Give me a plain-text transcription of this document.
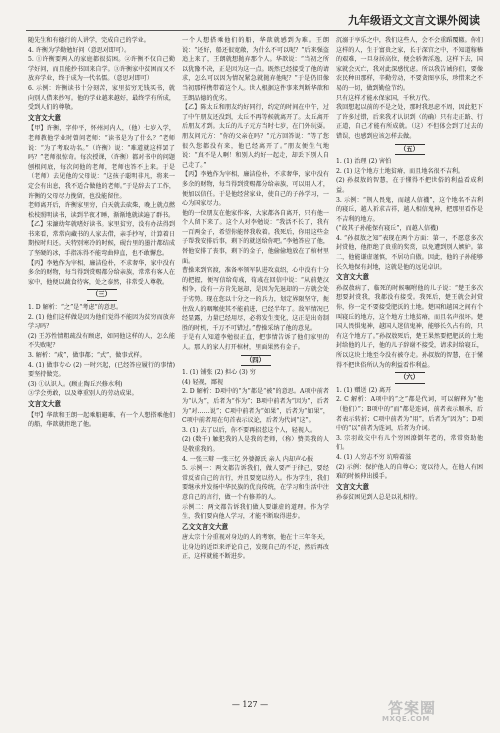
九年级语文文言文课外阅读
随先生和有德行的人讲学，完成自己的学业。
4. 许衡为学勤勉好问（意思对即可）。
5. ①许衡要两人的家庭都很贫困。②许衡不仅自己勤学好问，而且能抄书回来自学。③许衡家中贫困而又不放弃学业，终于成为一代名儒。（意思对即可）
6. 示例：许衡读书十分刻苦，家里贫穷无钱买书，就向别人借来抄写。他的学业越来越好，最终学有所成，受到人们的尊敬。
文言文大意
【甲】许衡，字仲平，怀州河内人，（他）七岁入学，老师教他学业时曾问老师：“读书是为了什么？”老师说：“为了考取功名。”（许衡）说：“难道就这样罢了吗？”老师很惊奇。每次授课，（许衡）都对书中的问题刨根问底，每次问他的老师，老师也答不上来。于是（老师）去见他的父母说：“这孩子聪明非凡，将来一定会有出息，我不适合做他的老师。”于是辞去了工作，许衡的父母尽力挽留，也没能留住。
老师离开后，许衡家里穷，白天就去砍柴，晚上就点燃松枝照明读书，读到半夜才睡，渐渐地就读遍了群书。
【乙】宋濂幼年就嗜好读书。家里贫穷，没有办法得到书来看，常常向藏书的人家去借，亲手抄写，计算着日期按时归还。天特别寒冷的时候，砚台里的墨汁都结成了坚硬的冰，手指冻得不能弯曲伸直，也不敢懈怠。
【丙】李勉作为宰相，廉洁俭朴，不求奢华，家中没有多余的财物，每当得到赏赐都分给亲族，常常有客人在家中，他便以蔬食待客，处之泰然，非常受人尊敬。
（三）
1. D 解析：“之”是“考虑”的意思。
2. (1) 他们这样做是因为他们觉得不能因为贫穷而放弃学习吗？
(2) 王苏性情粗疏没有顾虑，如同他这样的人，怎么能不失败呢？
3. 解析：“咸”，做事都；“式”，做事式样。
4. (1) 做事专心 (2) 一时兴起，(已经答应履行的事情)要坚持做完。
(3) ①认识人。(顾止陶丘兴修水利)
③学会勇敢，以及尊重别人的劳动成果。
文言文大意
【甲】华歆和王朗一起乘船避难，有一个人想搭乘他们的船，华歆就拒绝了他。
一个人想搭乘他们的船，华歆就感到为难。王朗说：“还好，船还很宽敞，为什么不可以呢？”后来强盗追上来了，王朗就想抛弃那个人。华歆说：“当初之所以犹豫不决，正是因为这一点。既然已经接受了他的请求，怎么可以因为情况紧急就抛弃他呢？”于是仍旧像当初那样携带着这个人。世人根据这件事来判断华歆和王朗品德的优劣。
【乙】陈太丘和朋友约好同行，约定的时间在中午，过了中午朋友还没到，太丘不再等候就离开了。太丘离开后朋友才到。太丘的儿子元方当时七岁，在门外玩耍。朋友问元方：“你的父亲在吗？”元方回答说：“等了您很久您都没有来，他已经离开了。”朋友便生气地说：“真不是人啊！和别人约好一起走，却丢下别人自己走了。”
【丙】李勉作为宰相，廉洁俭朴，不求奢华，家中没有多余的财物，每当得到赏赐都分给亲族，可以用人才，便加以信任。于是他经营家业，使自己的子孙学习，一心为国家尽力。
他的一位朋友在他家作客，大家都各自离开，只有他一个人留下来了。这个人对李勉说：“我活不长了，我有一百两金子，希望你能替我收着。我死后，你用这些金子帮我安排后事，剩下的就送给你吧。”李勉答应了他，替他安排了丧事，剩下的金子，他偷偷地放在了棺材里面。
曹操来到官渡，准备率领军队进攻袁绍，心中没有十分的把握，便写信给荀彧，荀彧在回信中说：“从前楚汉相争，没有一方肯先退却，是因为先退却的一方就会处于劣势。现在您以十分之一的兵力，划定界限坚守，扼住敌人的咽喉使其不能前进，已经半年了。敌军情况已经显露，力量已经用尽，必将发生变化，这正是出奇制胜的时机，千万不可错过。”曹操采纳了他的意见。
于是有人知道李勉很正直，把事情告诉了他们家里的人。那人的家人打开棺材，里面果然有金子。
（四）
1. (1) 铺张 (2) 担心 (3) 穷
(4) 轻视，鄙视
2. D 解析：D项中的“为”都是“被”的意思。A项中前者为“认为”，后者为“作为”；B项中前者为“因为”，后者为“对……说”；C项中前者为“如果”，后者为“如果”，C项中前者用在句首表示议论，后者为代词“这”。
3. (1) 去了以后，你不要再招惹这个人，轻视人。
(2) (数千) 触犯我的人是我的老师，（称）赞美我的人是敬重我的。
4. 一张三辩 一张三忆 外婆源氏 亲人 内却声心报
5. 示例一：两文都告诉我们，做人要严于律己，要经常反省自己的言行，并且要宽以待人。作为学生，我们要继承并发扬中华民族的优良传统，在学习和生活中注意自己的言行，做一个有修养的人。
示例二：两文都告诉我们做人要谦虚的道理。作为学生，我们要向他人学习，才能不断取得进步。
乙文文言文大意
唐太宗十分重视对身边的人的考察，他在十三年冬天，让身边的近臣来评论自己，发现自己的不足，然后再改正，这样就能不断进步。
沉溺于享乐之中，我们这些人，会不会重蹈覆辙。你们这样的人，生于富贵之家，长于深宫之中，不知道稼穑的艰难，一旦身居高位，便会骄奢淫逸，这样下去，国家就会灭亡，我对此深感忧虑。所以我告诫你们，要像农民种田那样，辛勤劳动，不要贪图享乐，珍惜来之不易的一切，做到勤俭节约。
只有这样才能永保家国，千秋万代。
我回想起以前的不是之处，那时我思虑不周，因此犯下了许多过错，后来我才认识到（的确）只有走正路、行正道，自己才能有所成就。（这）不但体会到了过去的错误，也感到应该怎样去做。
（五）
1. (1) 治理 (2) 害怕
2. (1) 这个地方土地贫瘠，而且地名很不吉利。
(2) 孙叔敖的智慧，在于懂得不把世俗的利益看成利益。
3. 示例：“荆人畏鬼，而越人信禨”，这个地名不吉利的寝丘，越人祈求吉祥，越人相信鬼神，把那里看作是不吉利的地方。
(“故其子孙能保有寝丘”，而越人信禨)
4. “孙叔敖之知”表现在两个方面：第一，不愿意多次封赏他，他拒绝了贵重的奖赏，以免遭到别人嫉妒。第二，他能谦虚谨慎，不居功自傲。因此，他的子孙能够长久地保有封地，这就是他的远见卓识。
文言文大意
孙叔敖病了，临死的时候嘱咐他的儿子说：“楚王多次想要封赏我，我都没有接受。我死后，楚王就会封赏你，你一定不要接受肥沃的土地。楚国和越国之间有个叫寝丘的地方，这个地方土地贫瘠，而且名声很坏。楚国人畏惧鬼神，越国人迷信鬼神，能够长久占有的，只有这个地方了。”孙叔敖死后，楚王果然要把肥沃的土地封给他的儿子，他的儿子辞谢不接受，请求封给寝丘，所以这块土地至今没有被夺走。孙叔敖的智慧，在于懂得不把世俗所认为的利益看作利益。
（六）
1. (1) 赠送 (2) 离开
2. C 解析：A项中的“之”都是代词，可以解释为“他（他们）”；B项中的“而”都是连词，前者表示顺承，后者表示转折；C项中前者为“用”，后者为“因为”；D项中的“以”前者为连词，后者为介词。
3. 宗羽故交中有儿个穷困潦倒年老的，常常资助他们。
4. (1) 人穷志不穷 坑啃着滋
(2) 示例：保护他人的自尊心；宽以待人，在他人有困难的时候伸出援手。
文言文大意
孙泰贫困见到人总是以礼相待。
— 127 —	答案圈
MXQE.COM
